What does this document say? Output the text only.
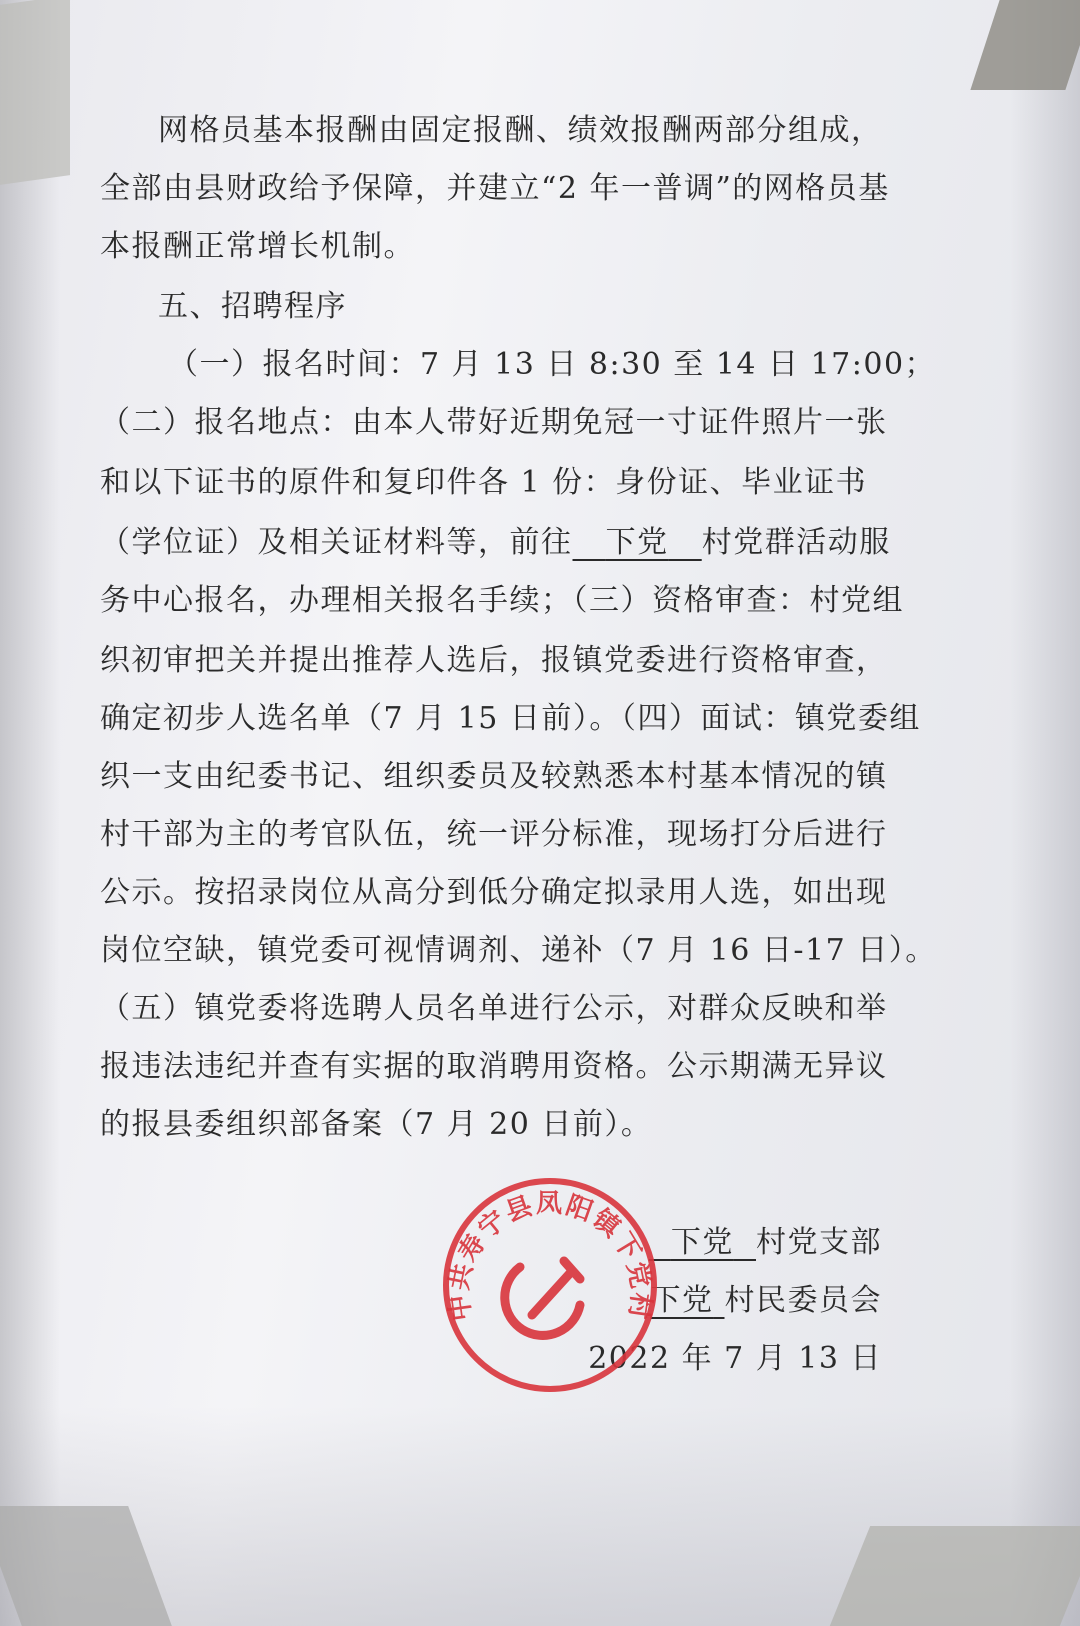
网格员基本报酬由固定报酬、绩效报酬两部分组成，
全部由县财政给予保障，并建立“2 年一普调”的网格员基
本报酬正常增长机制。
五、招聘程序
（一）报名时间：7 月 13 日 8:30 至 14 日 17:00；
（二）报名地点：由本人带好近期免冠一寸证件照片一张
和以下证书的原件和复印件各 1 份：身份证、毕业证书
（学位证）及相关证材料等，前往 下党 村党群活动服
务中心报名，办理相关报名手续；（三）资格审查：村党组
织初审把关并提出推荐人选后，报镇党委进行资格审查，
确定初步人选名单（7 月 15 日前）。（四）面试：镇党委组
织一支由纪委书记、组织委员及较熟悉本村基本情况的镇
村干部为主的考官队伍，统一评分标准，现场打分后进行
公示。按招录岗位从高分到低分确定拟录用人选，如出现
岗位空缺，镇党委可视情调剂、递补（7 月 16 日-17 日）。
（五）镇党委将选聘人员名单进行公示，对群众反映和举
报违法违纪并查有实据的取消聘用资格。公示期满无异议
的报县委组织部备案（7 月 20 日前）。
下党 村党支部
下党 村民委员会
2022 年 7 月 13 日
中共寿宁县凤阳镇下党村
